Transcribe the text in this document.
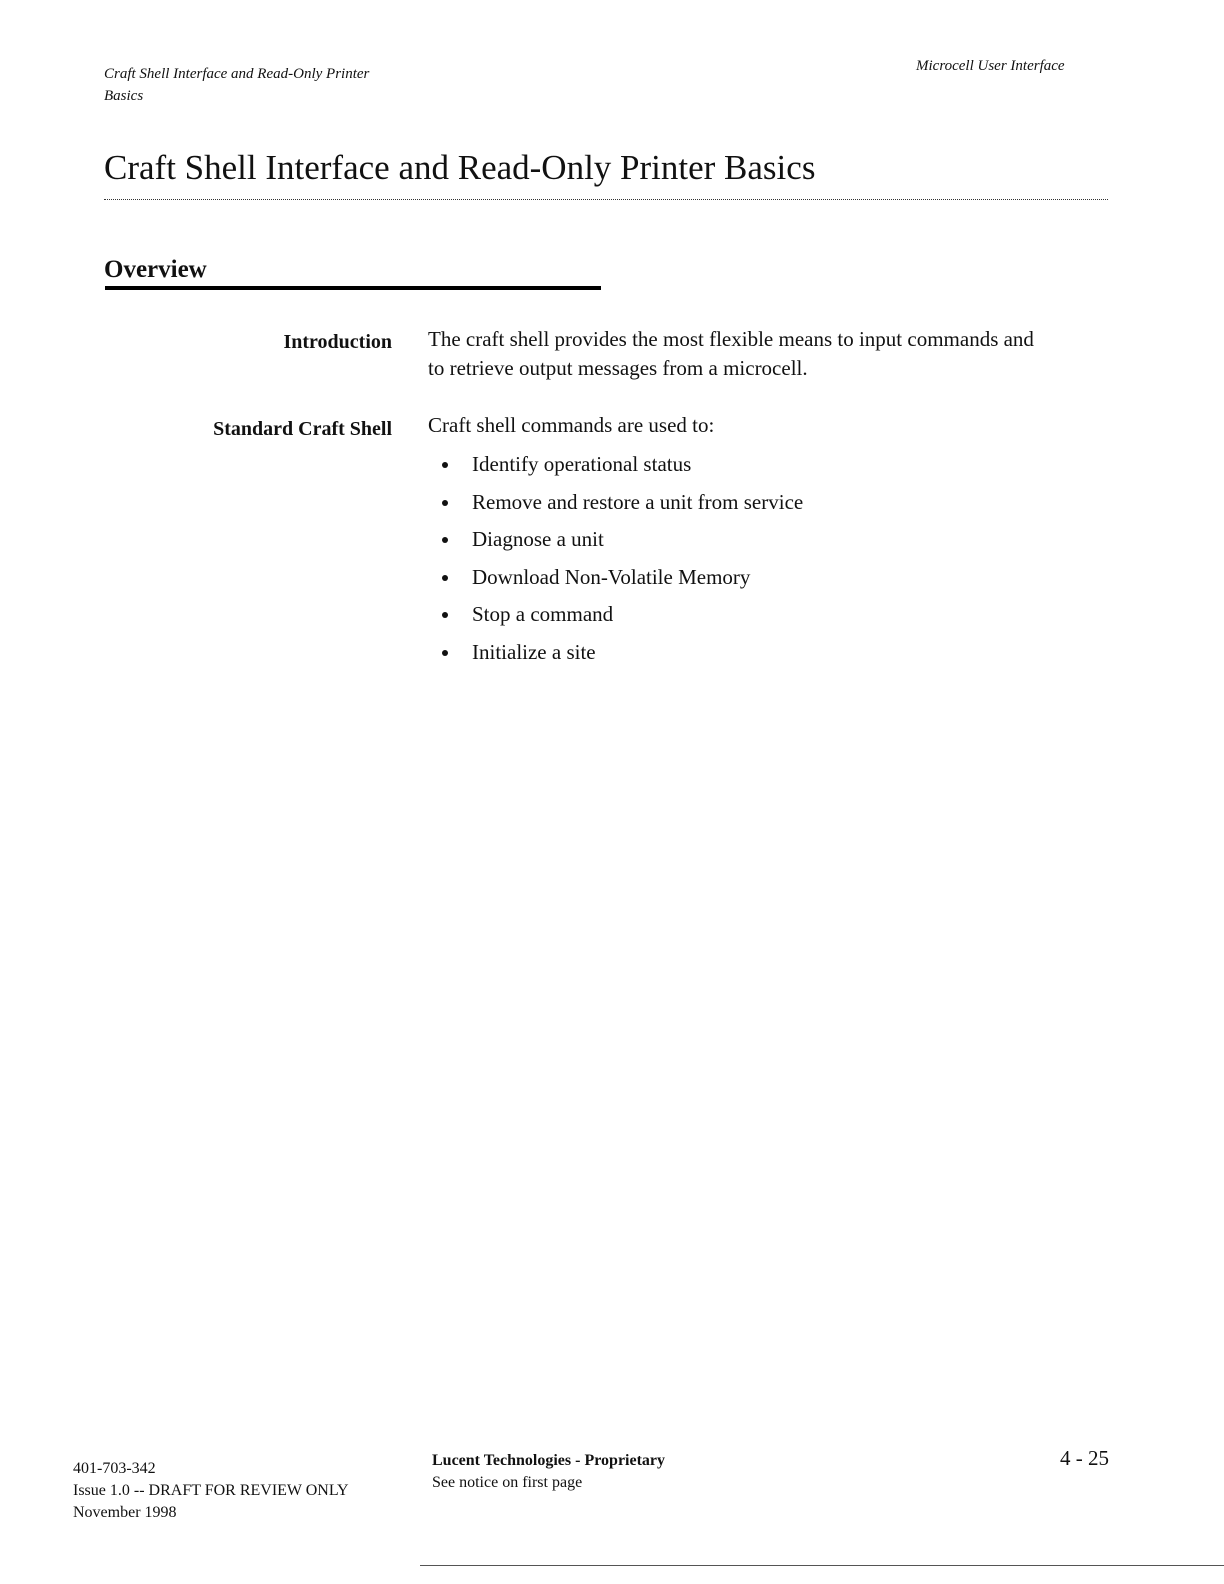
Craft Shell Interface and Read-Only Printer
Basics
Microcell User Interface
Craft Shell Interface and Read-Only Printer Basics
Overview
Introduction The craft shell provides the most flexible means to input commands and
to retrieve output messages from a microcell.
Standard Craft Shell Craft shell commands are used to:
Identify operational status
Remove and restore a unit from service
Diagnose a unit
Download Non-Volatile Memory
Stop a command
Initialize a site
401-703-342
Issue 1.0 -- DRAFT FOR REVIEW ONLY
November 1998
Lucent Technologies - Proprietary
See notice on first page
4 - 25
